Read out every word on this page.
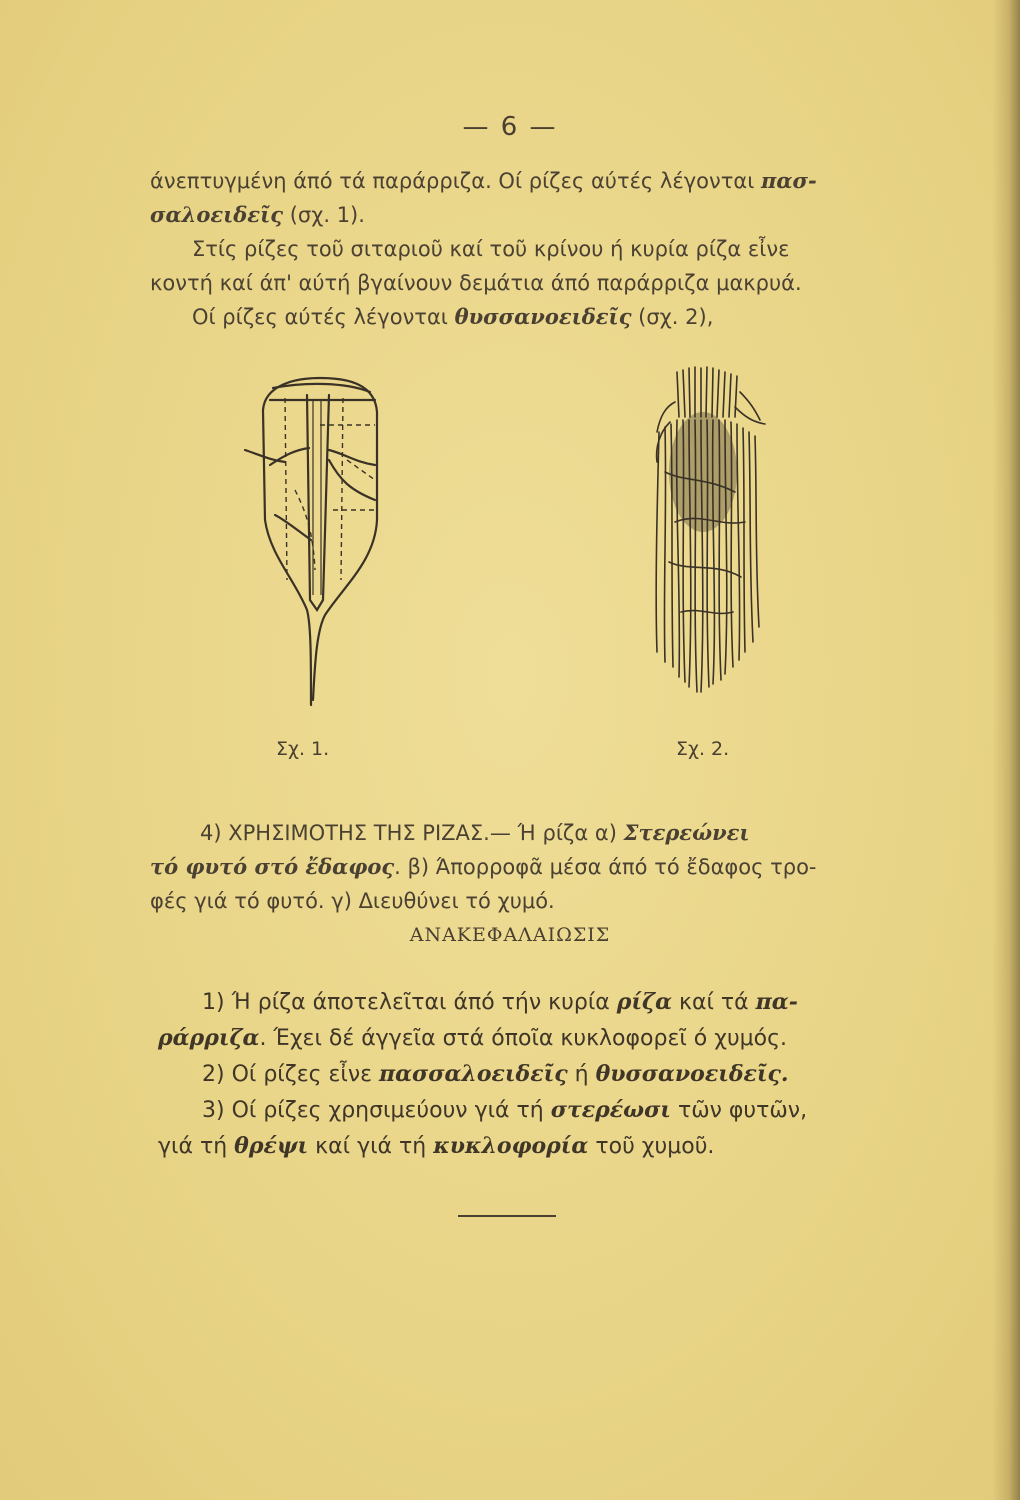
— 6 —
άνεπτυγμένη άπό τά παράρριζα. Οί ρίζες αύτές λέγονται πασ-
σαλοειδεῖς (σχ. 1).
Στίς ρίζες τοῦ σιταριοῦ καί τοῦ κρίνου ή κυρία ρίζα εἶνε
κοντή καί άπ' αύτή βγαίνουν δεμάτια άπό παράρριζα μακρυά.
Οί ρίζες αύτές λέγονται θυσσανοειδεῖς (σχ. 2),
Σχ. 1.	Σχ. 2.
4) ΧΡΗΣΙΜΟΤΗΣ ΤΗΣ ΡΙΖΑΣ.— Ή ρίζα α) Στερεώνει
τό φυτό στό ἔδαφος. β) Άπορροφᾶ μέσα άπό τό ἔδαφος τρο-
φές γιά τό φυτό. γ) Διευθύνει τό χυμό.
ΑΝΑΚΕΦΑΛΑΙΩΣΙΣ
1) Ή ρίζα άποτελεῖται άπό τήν κυρία ρίζα καί τά πα-
ράρριζα. Έχει δέ άγγεῖα στά όποῖα κυκλοφορεῖ ό χυμός.
2) Οί ρίζες εἶνε πασσαλοειδεῖς ή θυσσανοειδεῖς.
3) Οί ρίζες χρησιμεύουν γιά τή στερέωσι τῶν φυτῶν,
γιά τή θρέψι καί γιά τή κυκλοφορία τοῦ χυμοῦ.
